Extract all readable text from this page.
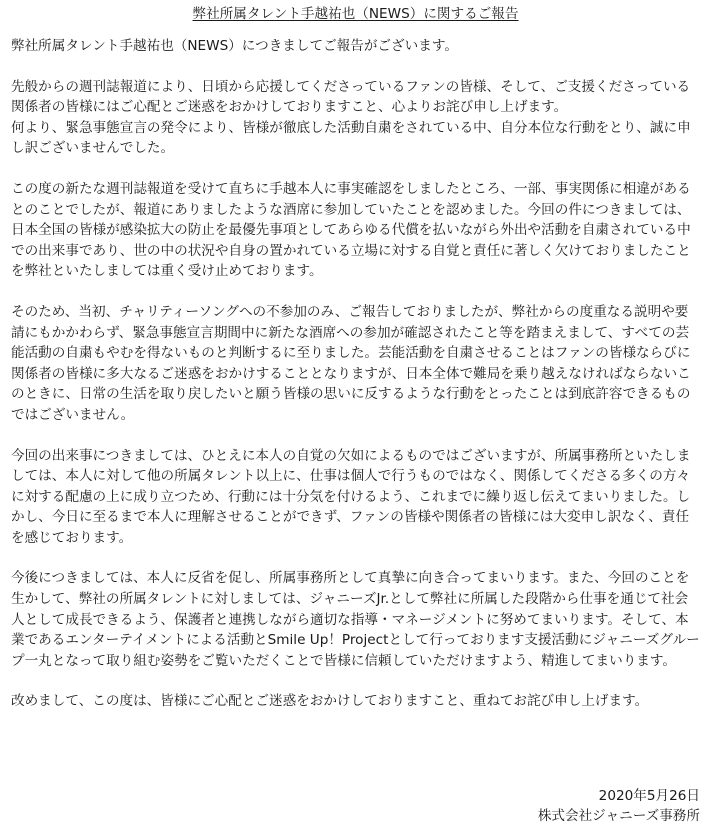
弊社所属タレント手越祐也（NEWS）に関するご報告

弊社所属タレント手越祐也（NEWS）につきましてご報告がございます。

先般からの週刊誌報道により、日頃から応援してくださっているファンの皆様、そして、ご支援くださっている関係者の皆様にはご心配とご迷惑をおかけしておりますこと、心よりお詫び申し上げます。

何より、緊急事態宣言の発令により、皆様が徹底した活動自粛をされている中、自分本位な行動をとり、誠に申し訳ございませんでした。

この度の新たな週刊誌報道を受けて直ちに手越本人に事実確認をしましたところ、一部、事実関係に相違があるとのことでしたが、報道にありましたような酒席に参加していたことを認めました。今回の件につきましては、日本全国の皆様が感染拡大の防止を最優先事項としてあらゆる代償を払いながら外出や活動を自粛されている中での出来事であり、世の中の状況や自身の置かれている立場に対する自覚と責任に著しく欠けておりましたことを弊社といたしましては重く受け止めております。

そのため、当初、チャリティーソングへの不参加のみ、ご報告しておりましたが、弊社からの度重なる説明や要請にもかかわらず、緊急事態宣言期間中に新たな酒席への参加が確認されたこと等を踏まえまして、すべての芸能活動の自粛もやむを得ないものと判断するに至りました。芸能活動を自粛させることはファンの皆様ならびに関係者の皆様に多大なるご迷惑をおかけすることとなりますが、日本全体で難局を乗り越えなければならないこのときに、日常の生活を取り戻したいと願う皆様の思いに反するような行動をとったことは到底許容できるものではございません。

今回の出来事につきましては、ひとえに本人の自覚の欠如によるものではございますが、所属事務所といたしましては、本人に対して他の所属タレント以上に、仕事は個人で行うものではなく、関係してくださる多くの方々に対する配慮の上に成り立つため、行動には十分気を付けるよう、これまでに繰り返し伝えてまいりました。しかし、今日に至るまで本人に理解させることができず、ファンの皆様や関係者の皆様には大変申し訳なく、責任を感じております。

今後につきましては、本人に反省を促し、所属事務所として真摯に向き合ってまいります。また、今回のことを生かして、弊社の所属タレントに対しましては、ジャニーズJr.として弊社に所属した段階から仕事を通じて社会人として成長できるよう、保護者と連携しながら適切な指導・マネージメントに努めてまいります。そして、本業であるエンターテイメントによる活動とSmile Up！Projectとして行っております支援活動にジャニーズグループ一丸となって取り組む姿勢をご覧いただくことで皆様に信頼していただけますよう、精進してまいります。

改めまして、この度は、皆様にご心配とご迷惑をおかけしておりますこと、重ねてお詫び申し上げます。

2020年5月26日
株式会社ジャニーズ事務所
